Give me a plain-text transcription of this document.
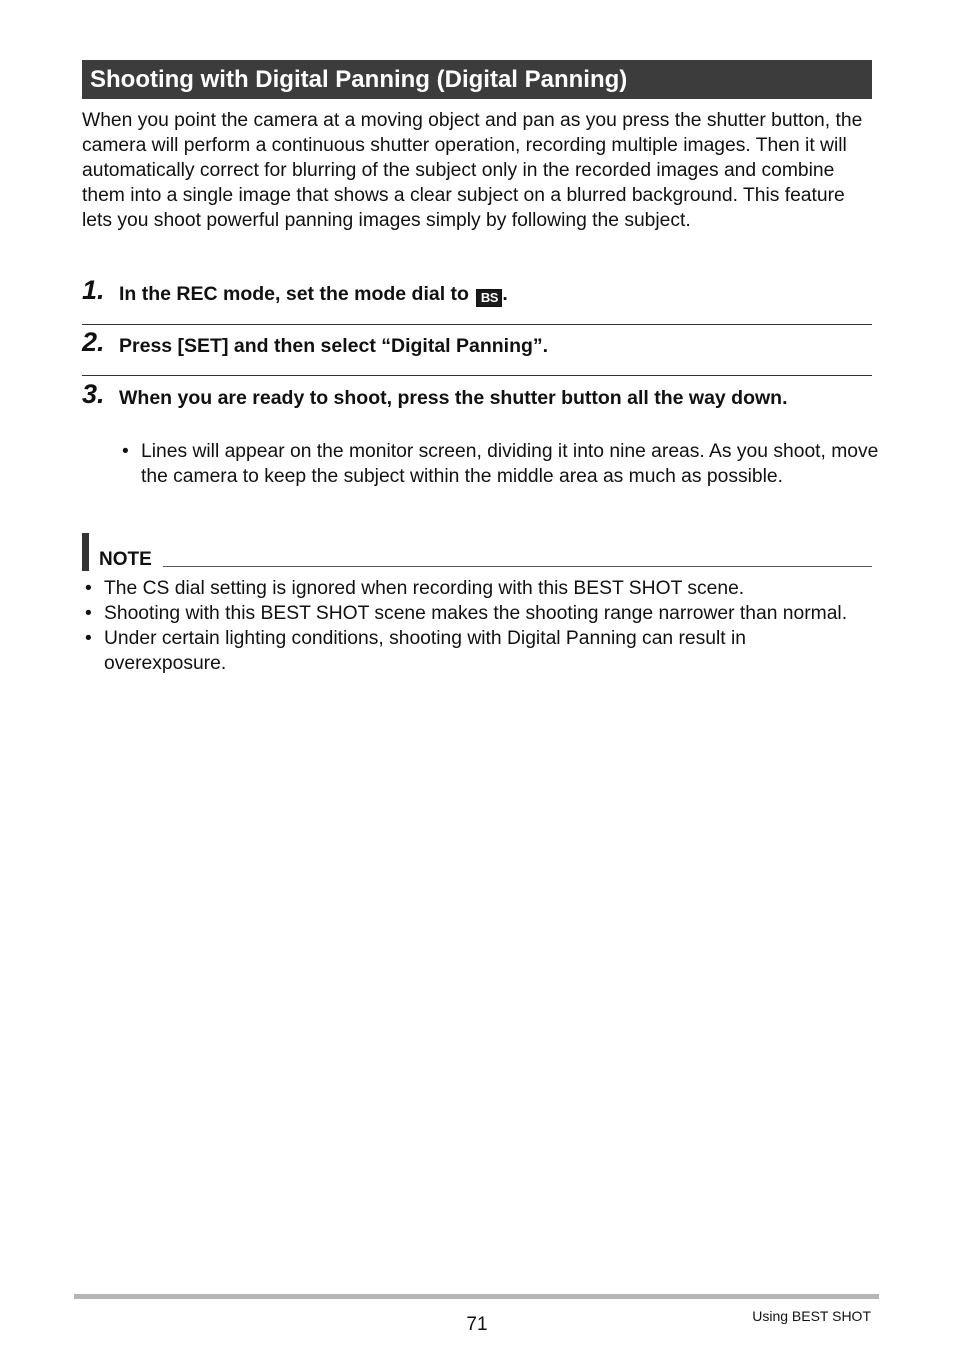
Shooting with Digital Panning (Digital Panning)

When you point the camera at a moving object and pan as you press the shutter button, the camera will perform a continuous shutter operation, recording multiple images. Then it will automatically correct for blurring of the subject only in the recorded images and combine them into a single image that shows a clear subject on a blurred background. This feature lets you shoot powerful panning images simply by following the subject.

1. In the REC mode, set the mode dial to BS .
2. Press [SET] and then select “Digital Panning”.
3. When you are ready to shoot, press the shutter button all the way down.
• Lines will appear on the monitor screen, dividing it into nine areas. As you shoot, move the camera to keep the subject within the middle area as much as possible.
NOTE
• The CS dial setting is ignored when recording with this BEST SHOT scene.
• Shooting with this BEST SHOT scene makes the shooting range narrower than normal.
• Under certain lighting conditions, shooting with Digital Panning can result in overexposure.
71	Using BEST SHOT
